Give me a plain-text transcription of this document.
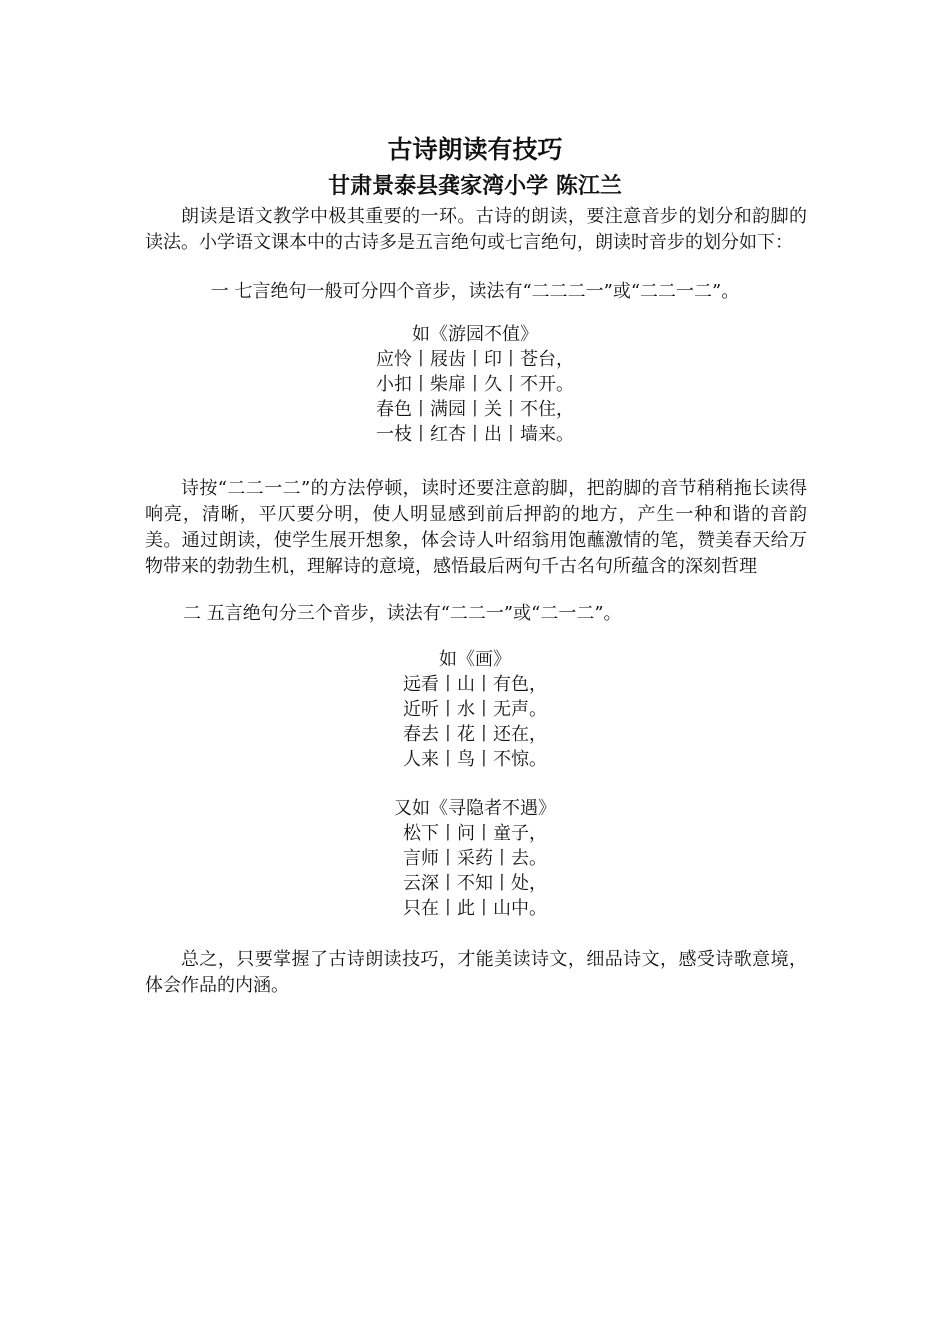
古诗朗读有技巧
甘肃景泰县龚家湾小学 陈江兰

朗读是语文教学中极其重要的一环。古诗的朗读，要注意音步的划分和韵脚的读法。小学语文课本中的古诗多是五言绝句或七言绝句，朗读时音步的划分如下：

一 七言绝句一般可分四个音步，读法有“二二二一”或“二二一二”。

如《游园不值》
应怜丨屐齿丨印丨苍台，
小扣丨柴扉丨久丨不开。
春色丨满园丨关丨不住，
一枝丨红杏丨出丨墙来。

诗按“二二一二”的方法停顿，读时还要注意韵脚，把韵脚的音节稍稍拖长读得响亮，清晰，平仄要分明，使人明显感到前后押韵的地方，产生一种和谐的音韵美。通过朗读，使学生展开想象，体会诗人叶绍翁用饱蘸激情的笔，赞美春天给万物带来的勃勃生机，理解诗的意境，感悟最后两句千古名句所蕴含的深刻哲理

二 五言绝句分三个音步，读法有“二二一”或“二一二”。

如《画》
远看丨山丨有色，
近听丨水丨无声。
春去丨花丨还在，
人来丨鸟丨不惊。
又如《寻隐者不遇》
松下丨问丨童子，
言师丨采药丨去。
云深丨不知丨处，
只在丨此丨山中。

总之，只要掌握了古诗朗读技巧，才能美读诗文，细品诗文，感受诗歌意境，体会作品的内涵。
